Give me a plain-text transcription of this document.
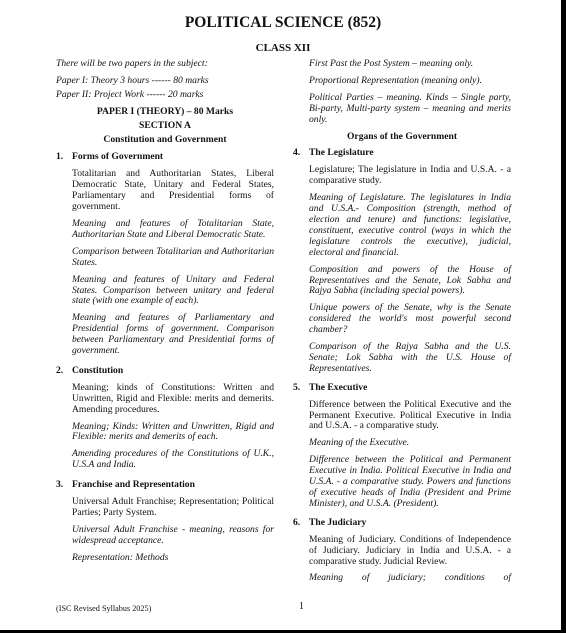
POLITICAL SCIENCE (852)
CLASS XII

There will be two papers in the subject:

Paper I: Theory 3 hours ------ 80 marks

Paper II: Project Work ------ 20 marks

PAPER I (THEORY) – 80 Marks

SECTION A

Constitution and Government

1. Forms of Government

Totalitarian and Authoritarian States, Liberal Democratic State, Unitary and Federal States, Parliamentary and Presidential forms of government.

Meaning and features of Totalitarian State, Authoritarian State and Liberal Democratic State.

Comparison between Totalitarian and Authoritarian States.

Meaning and features of Unitary and Federal States. Comparison between unitary and federal state (with one example of each).

Meaning and features of Parliamentary and Presidential forms of government. Comparison between Parliamentary and Presidential forms of government.

2. Constitution

Meaning; kinds of Constitutions: Written and Unwritten, Rigid and Flexible: merits and demerits. Amending procedures.

Meaning; Kinds: Written and Unwritten, Rigid and Flexible: merits and demerits of each.

Amending procedures of the Constitutions of U.K., U.S.A and India.

3. Franchise and Representation

Universal Adult Franchise; Representation; Political Parties; Party System.

Universal Adult Franchise - meaning, reasons for widespread acceptance.

Representation: Methods

First Past the Post System – meaning only.

Proportional Representation (meaning only).

Political Parties – meaning. Kinds – Single party, Bi-party, Multi-party system – meaning and merits only.

Organs of the Government

4. The Legislature

Legislature; The legislature in India and U.S.A. - a comparative study.

Meaning of Legislature. The legislatures in India and U.S.A.- Composition (strength, method of election and tenure) and functions: legislative, constituent, executive control (ways in which the legislature controls the executive), judicial, electoral and financial.

Composition and powers of the House of Representatives and the Senate, Lok Sabha and Rajya Sabha (including special powers).

Unique powers of the Senate, why is the Senate considered the world's most powerful second chamber?

Comparison of the Rajya Sabha and the U.S. Senate; Lok Sabha with the U.S. House of Representatives.

5. The Executive

Difference between the Political Executive and the Permanent Executive. Political Executive in India and U.S.A. - a comparative study.

Meaning of the Executive.

Difference between the Political and Permanent Executive in India. Political Executive in India and U.S.A. - a comparative study. Powers and functions of executive heads of India (President and Prime Minister), and U.S.A. (President).

6. The Judiciary

Meaning of Judiciary. Conditions of Independence of Judiciary. Judiciary in India and U.S.A. - a comparative study. Judicial Review.

Meaning of judiciary; conditions of

(ISC Revised Syllabus 2025)	1
